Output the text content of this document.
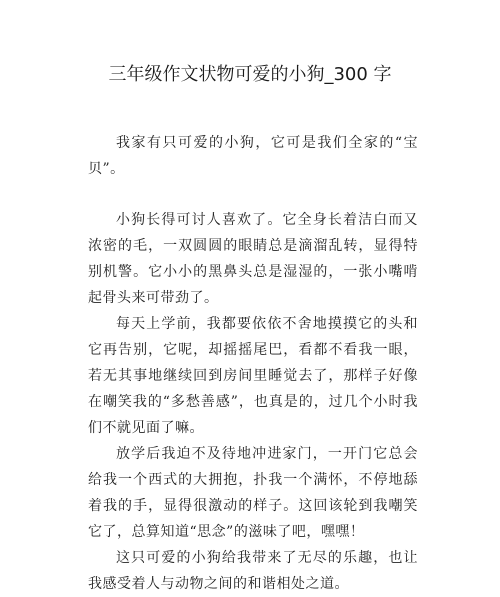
三年级作文状物可爱的小狗_300 字

我家有只可爱的小狗，它可是我们全家的“宝贝”。

小狗长得可讨人喜欢了。它全身长着洁白而又浓密的毛，一双圆圆的眼睛总是滴溜乱转，显得特别机警。它小小的黑鼻头总是湿湿的，一张小嘴啃起骨头来可带劲了。

每天上学前，我都要依依不舍地摸摸它的头和它再告别，它呢，却摇摇尾巴，看都不看我一眼，若无其事地继续回到房间里睡觉去了，那样子好像在嘲笑我的“多愁善感”，也真是的，过几个小时我们不就见面了嘛。

放学后我迫不及待地冲进家门，一开门它总会给我一个西式的大拥抱，扑我一个满怀，不停地舔着我的手，显得很激动的样子。这回该轮到我嘲笑它了，总算知道“思念”的滋味了吧，嘿嘿！

这只可爱的小狗给我带来了无尽的乐趣，也让我感受着人与动物之间的和谐相处之道。
